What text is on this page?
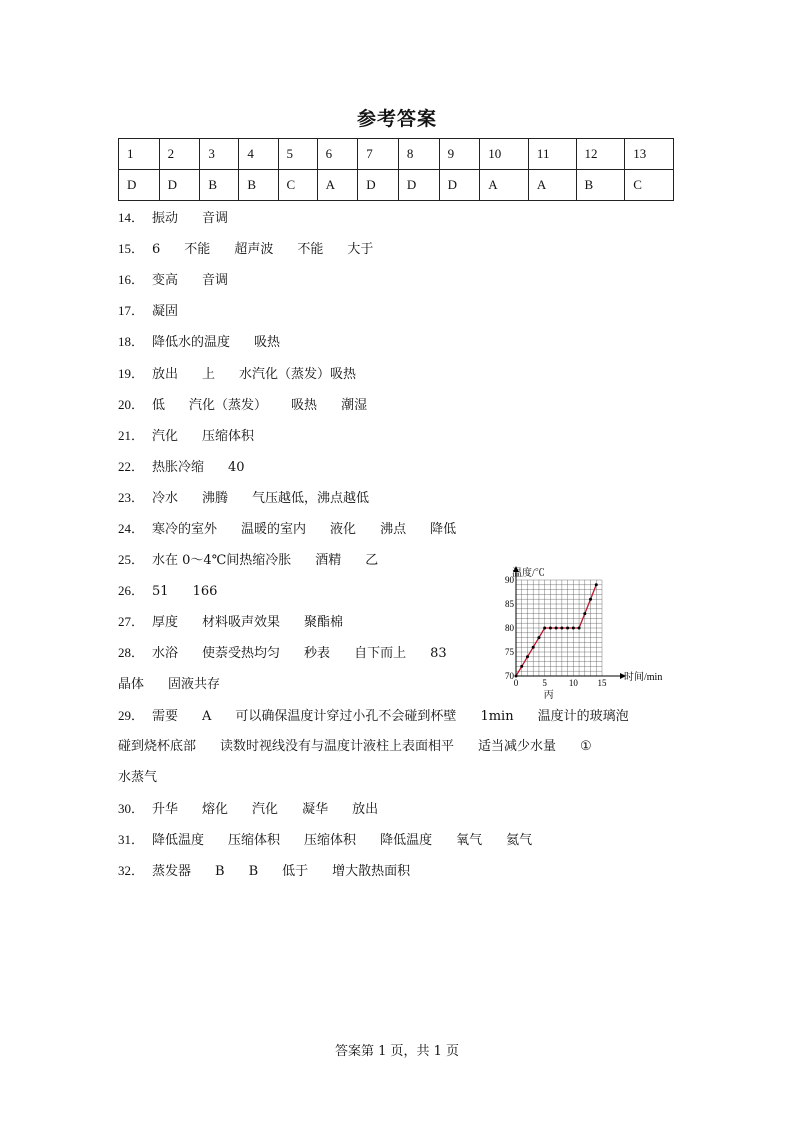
参考答案
1	2	3	4	5	6	7	8	9	10	11	12	13
D	D	B	B	C	A	D	D	D	A	A	B	C
14． 振动 音调
15． 6 不能 超声波 不能 大于
16． 变高 音调
17． 凝固
18． 降低水的温度 吸热
19． 放出 上 水汽化（蒸发）吸热
20． 低 汽化（蒸发） 吸热 潮湿
21． 汽化 压缩体积
22． 热胀冷缩 40
23． 冷水 沸腾 气压越低，沸点越低
24． 寒冷的室外 温暖的室内 液化 沸点 降低
25． 水在 0～4℃间热缩冷胀 酒精 乙
26． 51 166
27． 厚度 材料吸声效果 聚酯棉
28． 水浴 使萘受热均匀 秒表 自下而上 83
晶体 固液共存
29． 需要 A 可以确保温度计穿过小孔不会碰到杯壁 1min 温度计的玻璃泡
碰到烧杯底部 读数时视线没有与温度计液柱上表面相平 适当减少水量 ①
水蒸气
30． 升华 熔化 汽化 凝华 放出
31． 降低温度 压缩体积 压缩体积 降低温度 氧气 氦气
32． 蒸发器 B B 低于 增大散热面积
0	5 10 15
70
75
80
85
90
温度/℃
时间/min
丙
答案第 1 页，共 1 页
